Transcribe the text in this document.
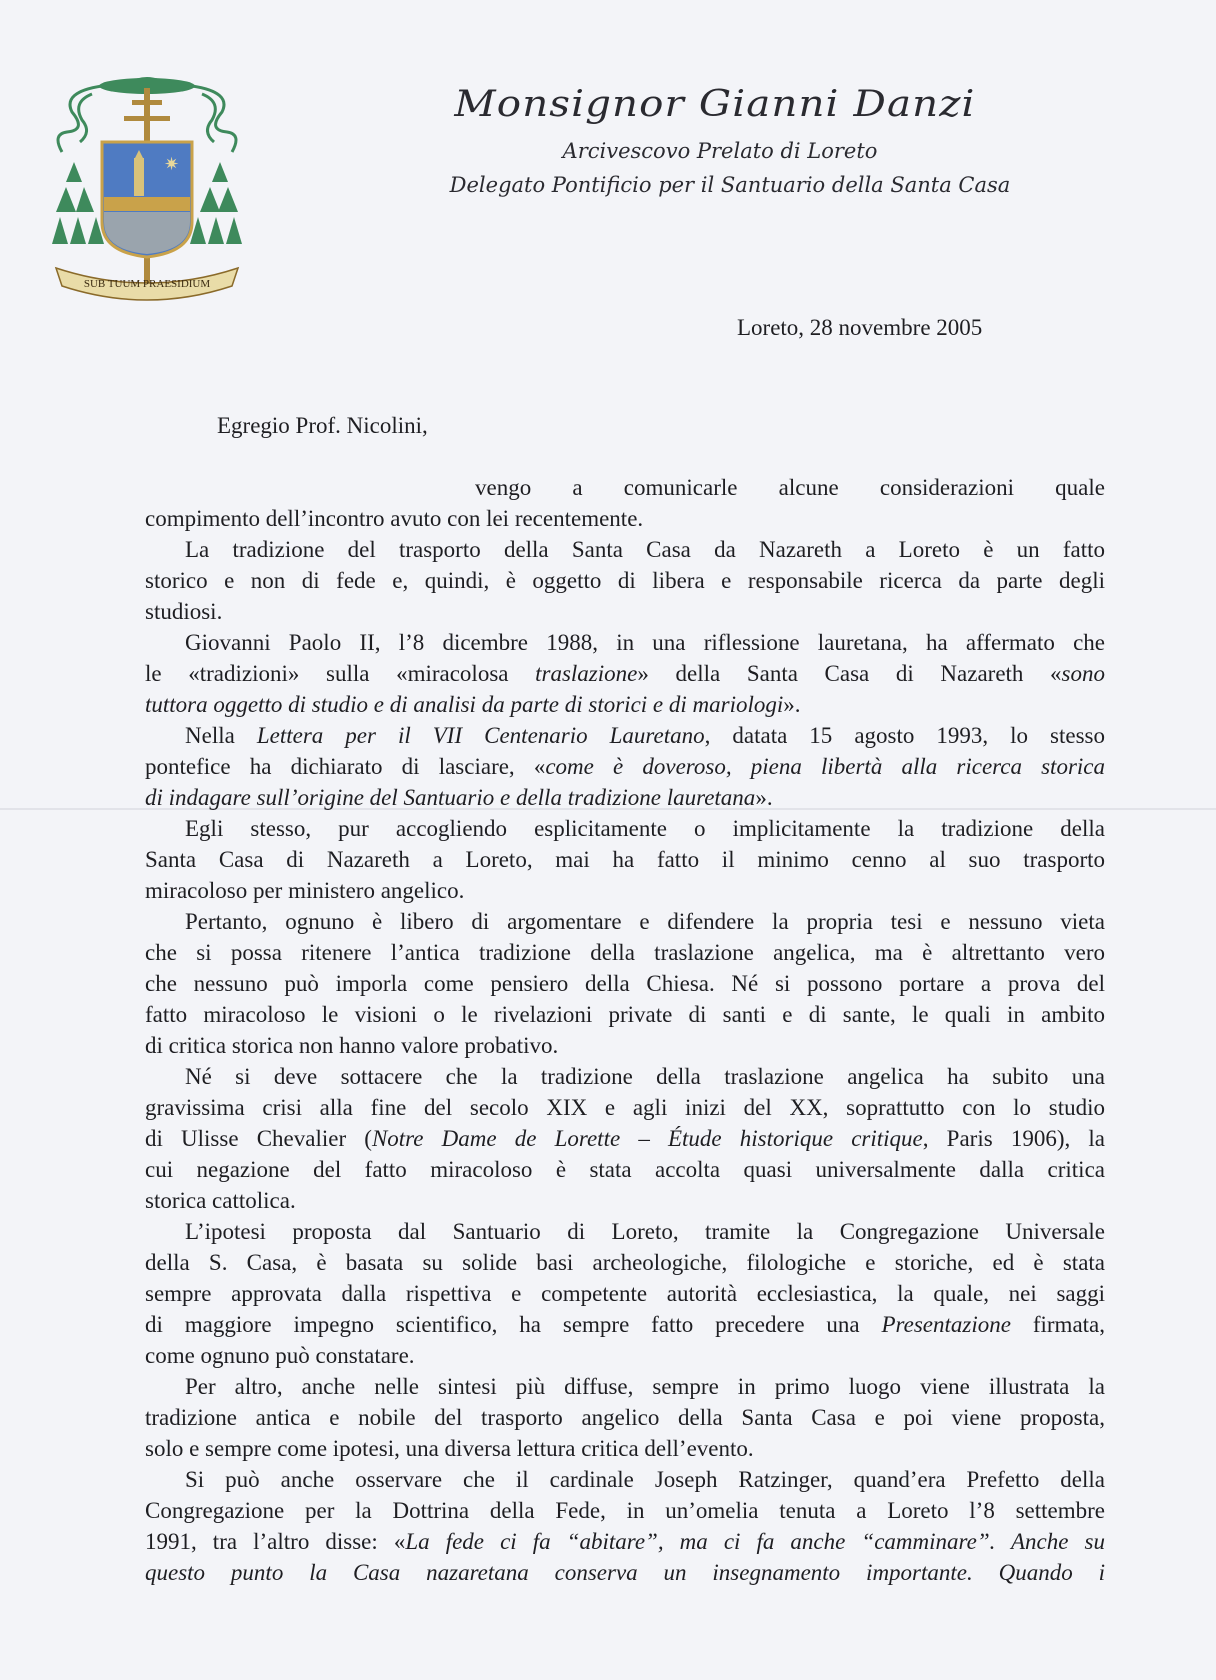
✷
SUB TUUM PRAESIDIUM
Monsignor Gianni Danzi
Arcivescovo Prelato di Loreto
Delegato Pontificio per il Santuario della Santa Casa
Loreto, 28 novembre 2005
Egregio Prof. Nicolini,
vengo a comunicarle alcune considerazioni quale
compimento dell’incontro avuto con lei recentemente.
La tradizione del trasporto della Santa Casa da Nazareth a Loreto è un fatto
storico e non di fede e, quindi, è oggetto di libera e responsabile ricerca da parte degli
studiosi.
Giovanni Paolo II, l’8 dicembre 1988, in una riflessione lauretana, ha affermato che
le «tradizioni» sulla «miracolosa traslazione» della Santa Casa di Nazareth «sono
tuttora oggetto di studio e di analisi da parte di storici e di mariologi».
Nella Lettera per il VII Centenario Lauretano, datata 15 agosto 1993, lo stesso
pontefice ha dichiarato di lasciare, «come è doveroso, piena libertà alla ricerca storica
di indagare sull’origine del Santuario e della tradizione lauretana».
Egli stesso, pur accogliendo esplicitamente o implicitamente la tradizione della
Santa Casa di Nazareth a Loreto, mai ha fatto il minimo cenno al suo trasporto
miracoloso per ministero angelico.
Pertanto, ognuno è libero di argomentare e difendere la propria tesi e nessuno vieta
che si possa ritenere l’antica tradizione della traslazione angelica, ma è altrettanto vero
che nessuno può imporla come pensiero della Chiesa. Né si possono portare a prova del
fatto miracoloso le visioni o le rivelazioni private di santi e di sante, le quali in ambito
di critica storica non hanno valore probativo.
Né si deve sottacere che la tradizione della traslazione angelica ha subito una
gravissima crisi alla fine del secolo XIX e agli inizi del XX, soprattutto con lo studio
di Ulisse Chevalier (Notre Dame de Lorette – Étude historique critique, Paris 1906), la
cui negazione del fatto miracoloso è stata accolta quasi universalmente dalla critica
storica cattolica.
L’ipotesi proposta dal Santuario di Loreto, tramite la Congregazione Universale
della S. Casa, è basata su solide basi archeologiche, filologiche e storiche, ed è stata
sempre approvata dalla rispettiva e competente autorità ecclesiastica, la quale, nei saggi
di maggiore impegno scientifico, ha sempre fatto precedere una Presentazione firmata,
come ognuno può constatare.
Per altro, anche nelle sintesi più diffuse, sempre in primo luogo viene illustrata la
tradizione antica e nobile del trasporto angelico della Santa Casa e poi viene proposta,
solo e sempre come ipotesi, una diversa lettura critica dell’evento.
Si può anche osservare che il cardinale Joseph Ratzinger, quand’era Prefetto della
Congregazione per la Dottrina della Fede, in un’omelia tenuta a Loreto l’8 settembre
1991, tra l’altro disse: «La fede ci fa “abitare”, ma ci fa anche “camminare”. Anche su
questo punto la Casa nazaretana conserva un insegnamento importante. Quando i
